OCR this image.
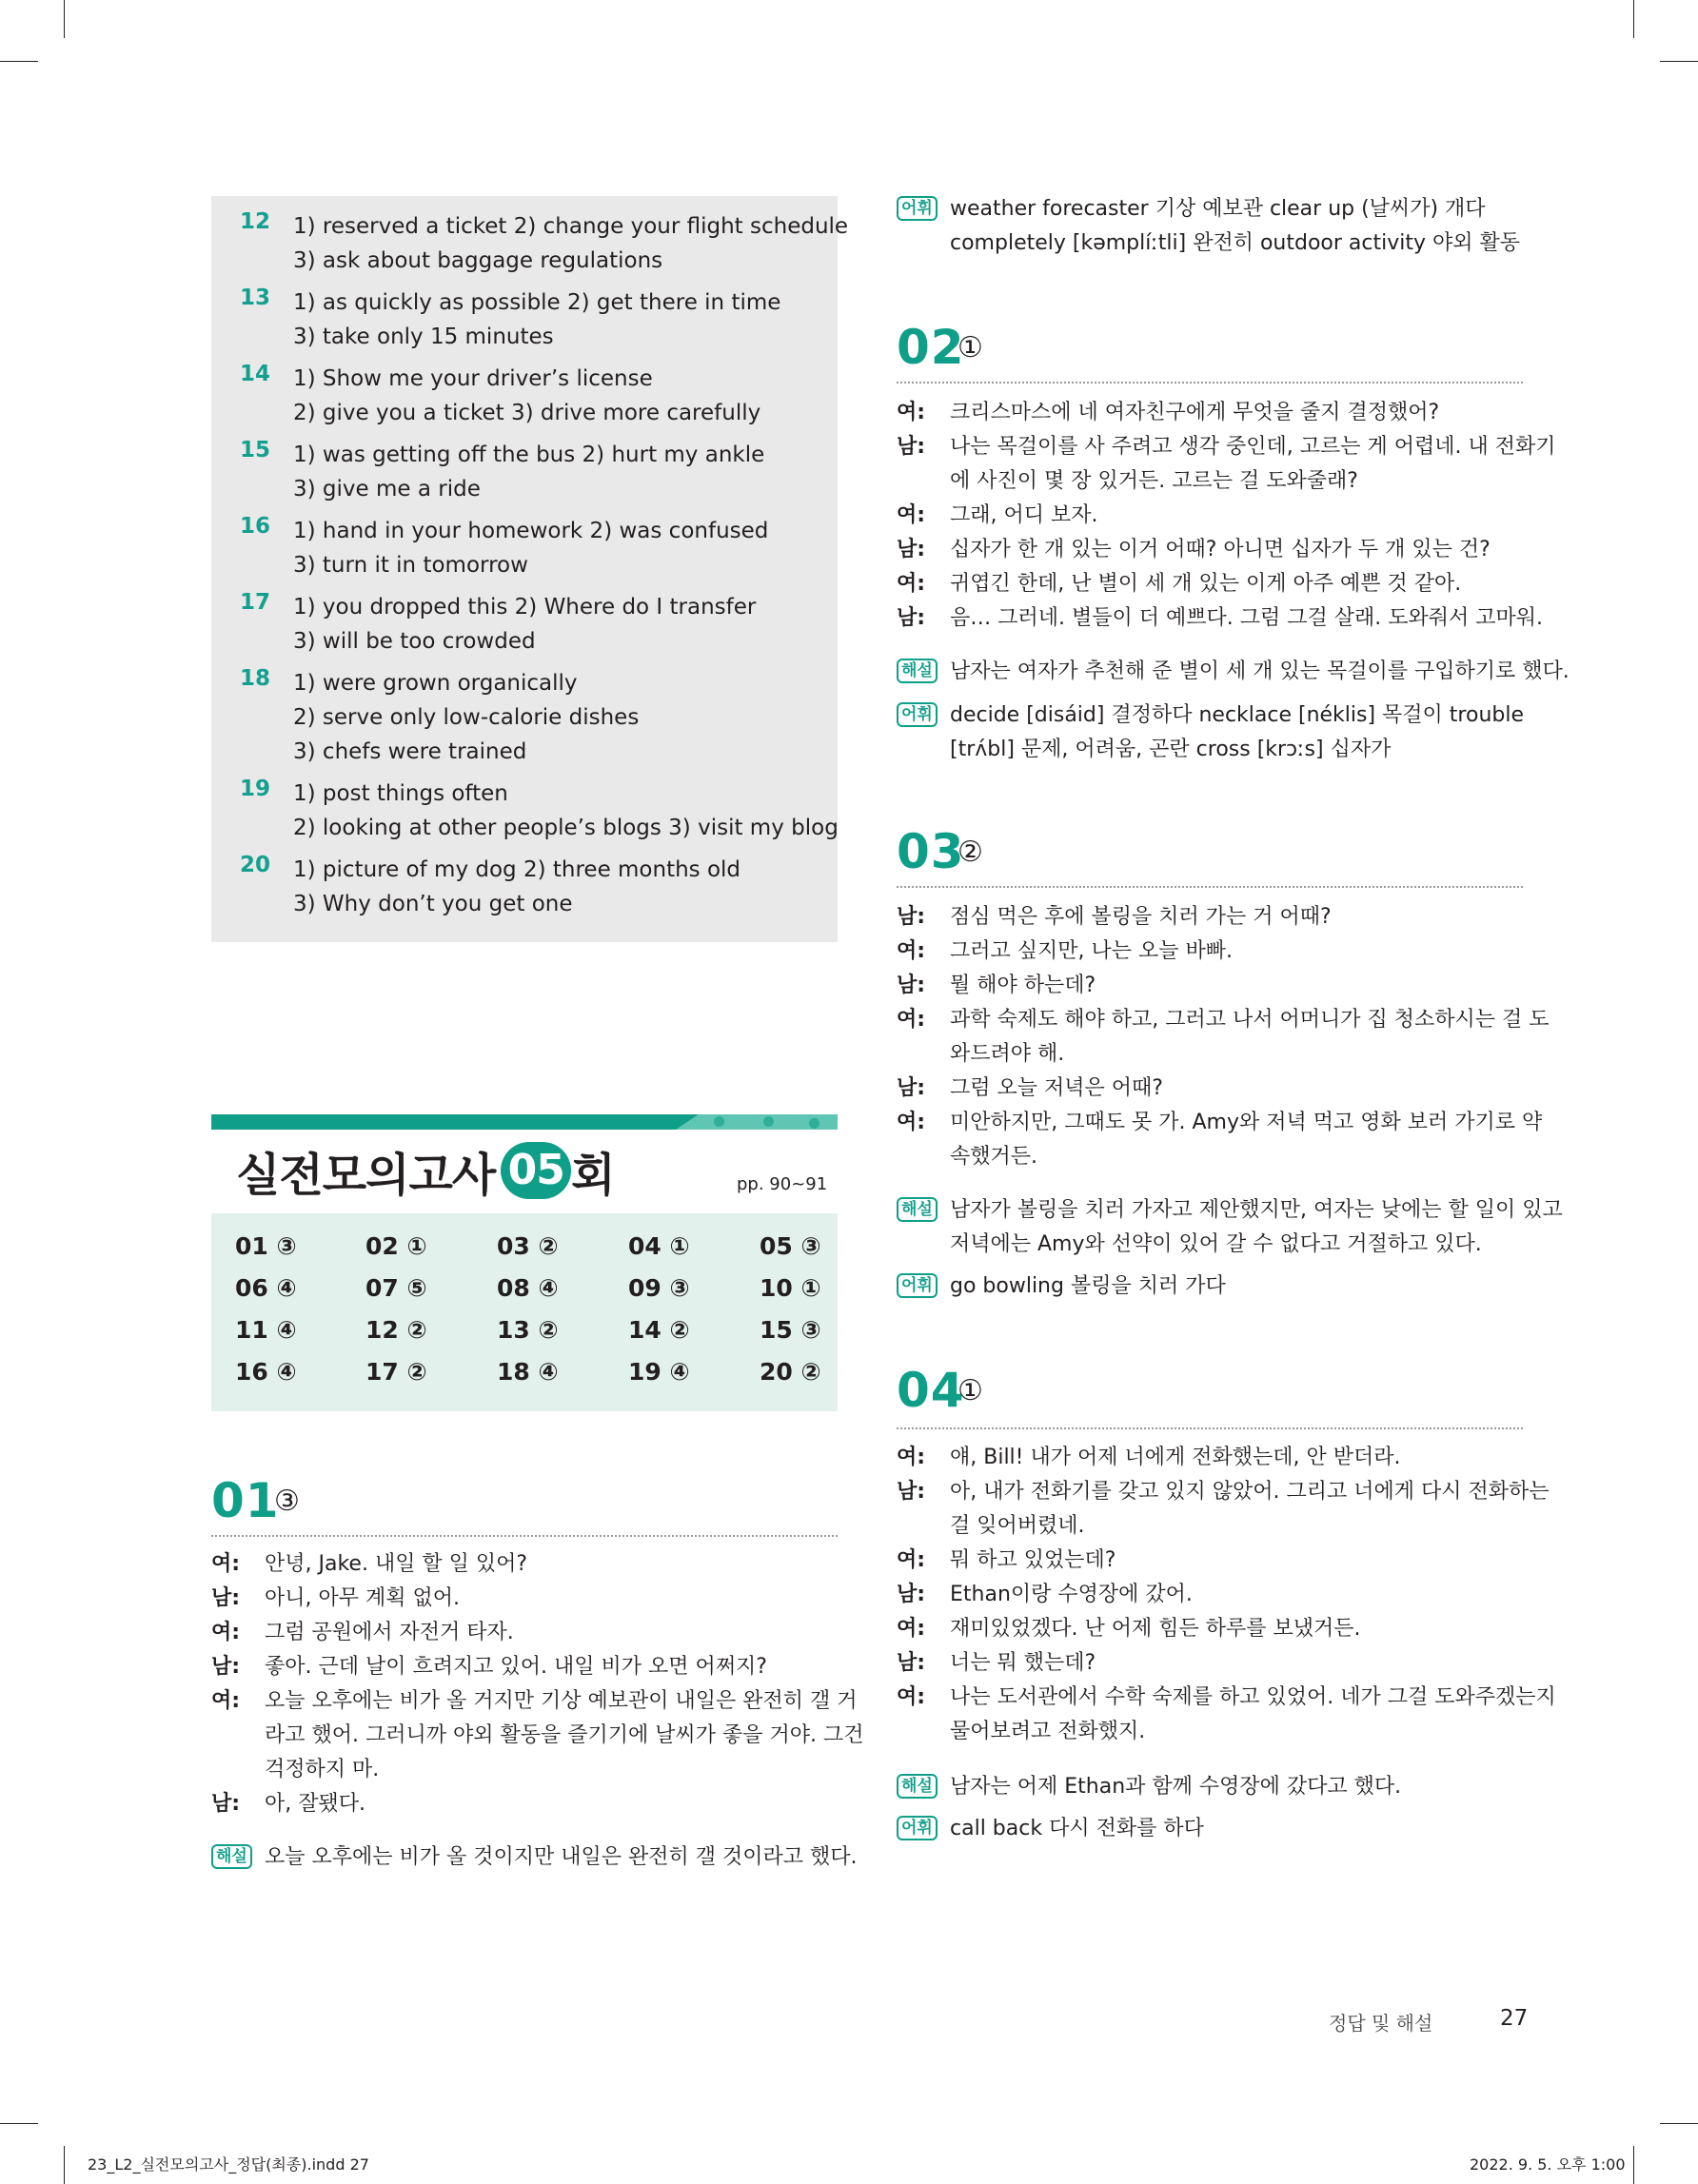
12 1) reserved a ticket 2) change your flight schedule
3) ask about baggage regulations
13 1) as quickly as possible 2) get there in time
3) take only 15 minutes
14 1) Show me your driver’s license
2) give you a ticket 3) drive more carefully
15 1) was getting off the bus 2) hurt my ankle
3) give me a ride
16 1) hand in your homework 2) was confused
3) turn it in tomorrow
17 1) you dropped this 2) Where do I transfer
3) will be too crowded
18 1) were grown organically
2) serve only low-calorie dishes
3) chefs were trained
19 1) post things often
2) looking at other people’s blogs 3) visit my blog
20 1) picture of my dog 2) three months old
3) Why don’t you get one
실전모의고사 05 회	pp. 90~91
01 ③	02 ①	03 ②	04 ①	05 ③
06 ④	07 ⑤	08 ④	09 ③	10 ①
11 ④	12 ②	13 ②	14 ②	15 ③
16 ④	17 ②	18 ④	19 ④	20 ②
01
③
여: 안녕, Jake. 내일 할 일 있어?
남: 아니, 아무 계획 없어.
여: 그럼 공원에서 자전거 타자.
남: 좋아. 근데 날이 흐려지고 있어. 내일 비가 오면 어쩌지?
여: 오늘 오후에는 비가 올 거지만 기상 예보관이 내일은 완전히 갤 거
라고 했어. 그러니까 야외 활동을 즐기기에 날씨가 좋을 거야. 그건
걱정하지 마.
남: 아, 잘됐다.
해설 오늘 오후에는 비가 올 것이지만 내일은 완전히 갤 것이라고 했다.
어휘 weather forecaster 기상 예보관 clear up (날씨가) 개다
completely [kəmplíːtli] 완전히 outdoor activity 야외 활동
02
①
여: 크리스마스에 네 여자친구에게 무엇을 줄지 결정했어?
남: 나는 목걸이를 사 주려고 생각 중인데, 고르는 게 어렵네. 내 전화기
에 사진이 몇 장 있거든. 고르는 걸 도와줄래?
여: 그래, 어디 보자.
남: 십자가 한 개 있는 이거 어때? 아니면 십자가 두 개 있는 건?
여: 귀엽긴 한데, 난 별이 세 개 있는 이게 아주 예쁜 것 같아.
남: 음… 그러네. 별들이 더 예쁘다. 그럼 그걸 살래. 도와줘서 고마워.
해설 남자는 여자가 추천해 준 별이 세 개 있는 목걸이를 구입하기로 했다.
어휘 decide [disáid] 결정하다 necklace [néklis] 목걸이 trouble
[trʌ́bl] 문제, 어려움, 곤란 cross [krɔːs] 십자가
03
②
남: 점심 먹은 후에 볼링을 치러 가는 거 어때?
여: 그러고 싶지만, 나는 오늘 바빠.
남: 뭘 해야 하는데?
여: 과학 숙제도 해야 하고, 그러고 나서 어머니가 집 청소하시는 걸 도
와드려야 해.
남: 그럼 오늘 저녁은 어때?
여: 미안하지만, 그때도 못 가. Amy와 저녁 먹고 영화 보러 가기로 약
속했거든.
해설 남자가 볼링을 치러 가자고 제안했지만, 여자는 낮에는 할 일이 있고
저녁에는 Amy와 선약이 있어 갈 수 없다고 거절하고 있다.
어휘 go bowling 볼링을 치러 가다
04
①
여: 얘, Bill! 내가 어제 너에게 전화했는데, 안 받더라.
남: 아, 내가 전화기를 갖고 있지 않았어. 그리고 너에게 다시 전화하는
걸 잊어버렸네.
여: 뭐 하고 있었는데?
남: Ethan이랑 수영장에 갔어.
여: 재미있었겠다. 난 어제 힘든 하루를 보냈거든.
남: 너는 뭐 했는데?
여: 나는 도서관에서 수학 숙제를 하고 있었어. 네가 그걸 도와주겠는지
물어보려고 전화했지.
해설 남자는 어제 Ethan과 함께 수영장에 갔다고 했다.
어휘 call back 다시 전화를 하다
정답 및 해설	27
23_L2_실전모의고사_정답(최종).indd 27	2022. 9. 5. 오후 1:00
